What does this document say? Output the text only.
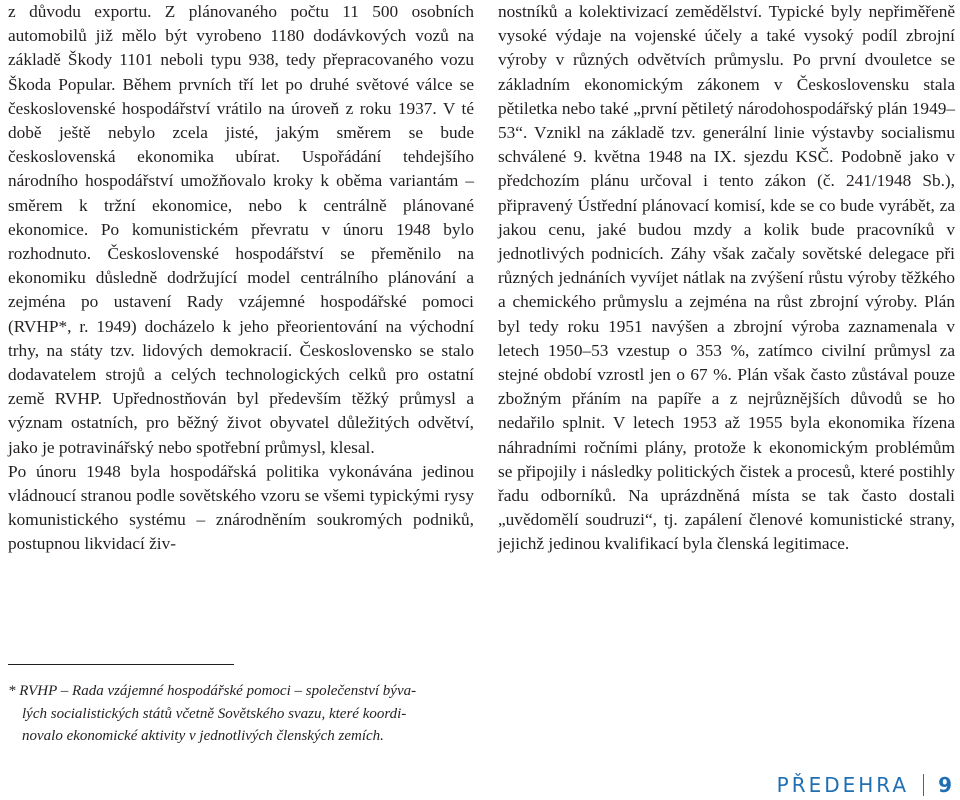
z důvodu exportu. Z plánovaného počtu 11 500 osobních automobilů již mělo být vyrobeno 1180 dodávkových vozů na základě Škody 1101 neboli typu 938, tedy přepracovaného vozu Škoda Popular. Během prvních tří let po druhé světové válce se československé hospodářství vrátilo na úroveň z roku 1937. V té době ještě nebylo zcela jisté, jakým směrem se bude československá ekonomika ubírat. Uspořádání tehdejšího národního hospodářství umožňovalo kroky k oběma variantám – směrem k tržní ekonomice, nebo k centrálně plánované ekonomice. Po komunistickém převratu v únoru 1948 bylo rozhodnuto. Československé hospodářství se přeměnilo na ekonomiku důsledně dodržující model centrálního plánování a zejména po ustavení Rady vzájemné hospodářské pomoci (RVHP*, r. 1949) docházelo k jeho přeorientování na východní trhy, na státy tzv. lidových demokracií. Československo se stalo dodavatelem strojů a celých technologických celků pro ostatní země RVHP. Upřednostňován byl především těžký průmysl a význam ostatních, pro běžný život obyvatel důležitých odvětví, jako je potravinářský nebo spotřební průmysl, klesal.

Po únoru 1948 byla hospodářská politika vykonávána jedinou vládnoucí stranou podle sovětského vzoru se všemi typickými rysy komunistického systému – znárodněním soukromých podniků, postupnou likvidací živ-

nostníků a kolektivizací zemědělství. Typické byly nepřiměřeně vysoké výdaje na vojenské účely a také vysoký podíl zbrojní výroby v různých odvětvích průmyslu. Po první dvouletce se základním ekonomickým zákonem v Československu stala pětiletka nebo také „první pětiletý národohospodářský plán 1949–53“. Vznikl na základě tzv. generální linie výstavby socialismu schválené 9. května 1948 na IX. sjezdu KSČ. Podobně jako v předchozím plánu určoval i tento zákon (č. 241/1948 Sb.), připravený Ústřední plánovací komisí, kde se co bude vyrábět, za jakou cenu, jaké budou mzdy a kolik bude pracovníků v jednotlivých podnicích. Záhy však začaly sovětské delegace při různých jednáních vyvíjet nátlak na zvýšení růstu výroby těžkého a chemického průmyslu a zejména na růst zbrojní výroby. Plán byl tedy roku 1951 navýšen a zbrojní výroba zaznamenala v letech 1950–53 vzestup o 353 %, zatímco civilní průmysl za stejné období vzrostl jen o 67 %. Plán však často zůstával pouze zbožným přáním na papíře a z nejrůznějších důvodů se ho nedařilo splnit. V letech 1953 až 1955 byla ekonomika řízena náhradními ročními plány, protože k ekonomickým problémům se připojily i následky politických čistek a procesů, které postihly řadu odborníků. Na uprázdněná místa se tak často dostali „uvědomělí soudruzi“, tj. zapálení členové komunistické strany, jejichž jedinou kvalifikací byla členská legitimace.

* RVHP – Rada vzájemné hospodářské pomoci – společenství býva-
lých socialistických států včetně Sovětského svazu, které koordi-
novalo ekonomické aktivity v jednotlivých členských zemích.
PŘEDEHRA 9
